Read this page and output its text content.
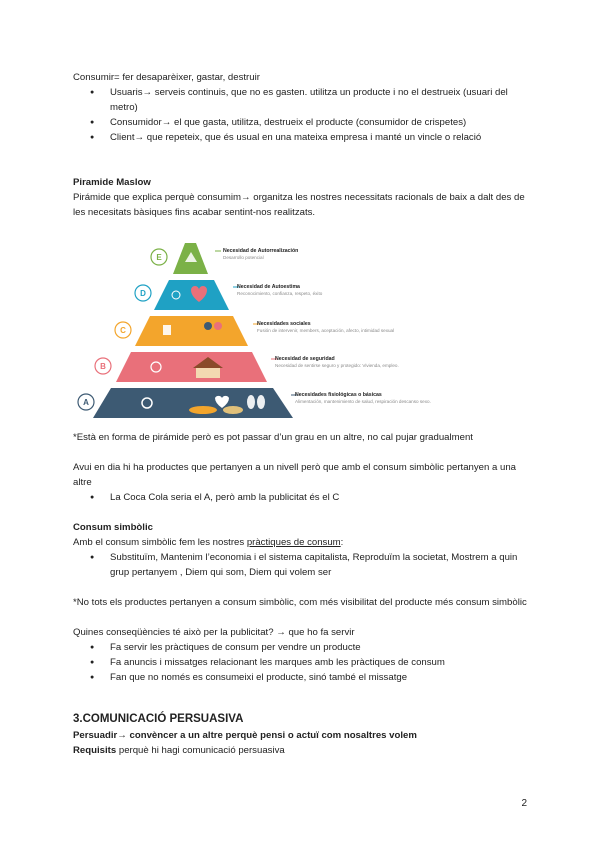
Consumir= fer desaparèixer, gastar, destruir

● Usuaris→ serveis continuis, que no es gasten. utilitza un producte i no el destrueix (usuari del metro)
● Consumidor→ el que gasta, utilitza, destrueix el producte (consumidor de crispetes)
● Client→ que repeteix, que és usual en una mateixa empresa i manté un vincle o relació

Piramide Maslow

Pirámide que explica perquè consumim→ organitza les nostres necessitats racionals de baix a dalt des de les necesitats bàsiques fins acabar sentint-nos realitzats.

E
Necesidad de Autorrealización
Desarrollo potencial
D
Necesidad de Autoestima
Reconocimiento, confianza, respeto, éxito
C
Necesidades sociales
Fusión de intervenir, members, aceptación, afecto, intimidad sexual
B
Necesidad de seguridad
Necesidad de sentirse seguro y protegido: Vivienda, empleo.
A
Necesidades fisiológicas o básicas
Alimentación, mantenimiento de salud, respiración descanso sexo.

*Està en forma de pirámide però es pot passar d’un grau en un altre, no cal pujar gradualment

Avui en dia hi ha productes que pertanyen a un nivell però que amb el consum simbòlic pertanyen a una altre

● La Coca Cola seria el A, però amb la publicitat és el C

Consum simbòlic

Amb el consum simbòlic fem les nostres pràctiques de consum:

● Substituïm, Mantenim l’economia i el sistema capitalista, Reproduïm la societat, Mostrem a quin grup pertanyem , Diem qui som, Diem qui volem ser

*No tots els productes pertanyen a consum simbòlic, com més visibilitat del producte més consum simbòlic

Quines conseqüències té això per la publicitat? → que ho fa servir

● Fa servir les pràctiques de consum per vendre un producte
● Fa anuncis i missatges relacionant les marques amb les pràctiques de consum
● Fan que no només es consumeixi el producte, sinó també el missatge

3.COMUNICACIÓ PERSUASIVA

Persuadir→ convèncer a un altre perquè pensi o actuï com nosaltres volem

Requisits perquè hi hagi comunicació persuasiva

2
